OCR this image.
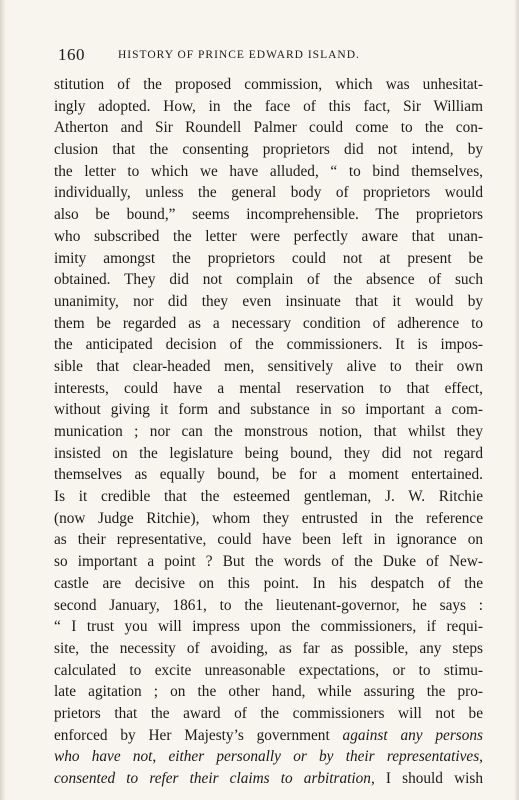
160	HISTORY OF PRINCE EDWARD ISLAND.
stitution of the proposed commission, which was unhesitat-
ingly adopted. How, in the face of this fact, Sir William
Atherton and Sir Roundell Palmer could come to the con-
clusion that the consenting proprietors did not intend, by
the letter to which we have alluded, “ to bind themselves,
individually, unless the general body of proprietors would
also be bound,” seems incomprehensible. The proprietors
who subscribed the letter were perfectly aware that unan-
imity amongst the proprietors could not at present be
obtained. They did not complain of the absence of such
unanimity, nor did they even insinuate that it would by
them be regarded as a necessary condition of adherence to
the anticipated decision of the commissioners. It is impos-
sible that clear-headed men, sensitively alive to their own
interests, could have a mental reservation to that effect,
without giving it form and substance in so important a com-
munication ; nor can the monstrous notion, that whilst they
insisted on the legislature being bound, they did not regard
themselves as equally bound, be for a moment entertained.
Is it credible that the esteemed gentleman, J. W. Ritchie
(now Judge Ritchie), whom they entrusted in the reference
as their representative, could have been left in ignorance on
so important a point ? But the words of the Duke of New-
castle are decisive on this point. In his despatch of the
second January, 1861, to the lieutenant-governor, he says :
“ I trust you will impress upon the commissioners, if requi-
site, the necessity of avoiding, as far as possible, any steps
calculated to excite unreasonable expectations, or to stimu-
late agitation ; on the other hand, while assuring the pro-
prietors that the award of the commissioners will not be
enforced by Her Majesty’s government against any persons
who have not, either personally or by their representatives,
consented to refer their claims to arbitration, I should wish
